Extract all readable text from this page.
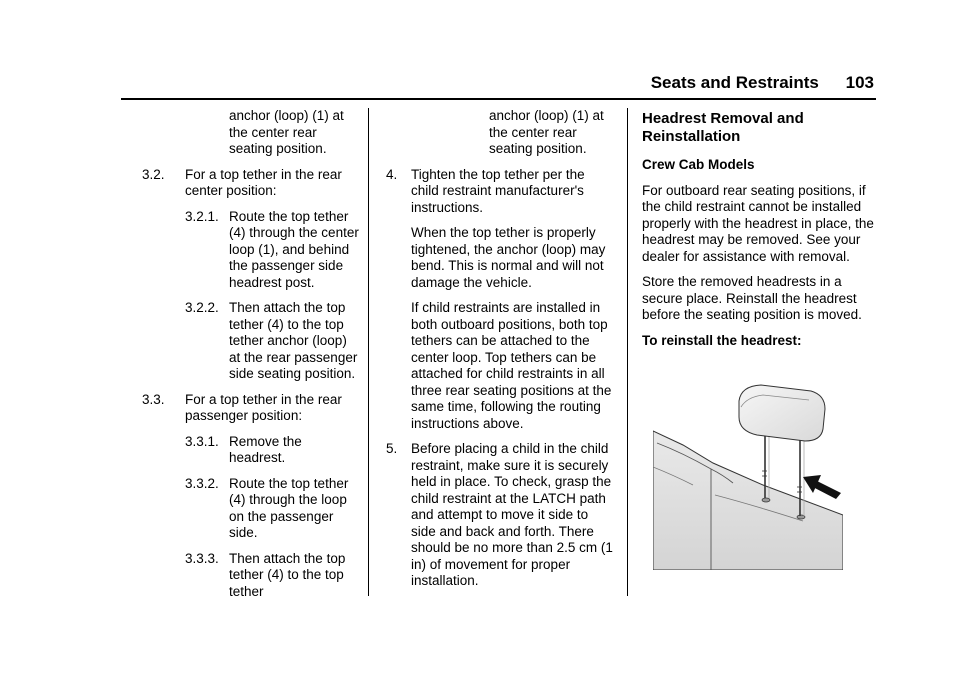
Seats and Restraints 103
anchor (loop) (1) at the center rear seating position.
3.2.	For a top tether in the rear center position:
3.2.1. Route the top tether (4) through the center loop (1), and behind the passenger side headrest post.
3.2.2. Then attach the top tether (4) to the top tether anchor (loop) at the rear passenger side seating position.
3.3.	For a top tether in the rear passenger position:
3.3.1. Remove the headrest.
3.3.2. Route the top tether (4) through the loop on the passenger side.
3.3.3. Then attach the top tether (4) to the top tether
anchor (loop) (1) at the center rear seating position.
4.	Tighten the top tether per the child restraint manufacturer's instructions.
When the top tether is properly tightened, the anchor (loop) may bend. This is normal and will not damage the vehicle.
If child restraints are installed in both outboard positions, both top tethers can be attached to the center loop. Top tethers can be attached for child restraints in all three rear seating positions at the same time, following the routing instructions above.
5.	Before placing a child in the child restraint, make sure it is securely held in place. To check, grasp the child restraint at the LATCH path and attempt to move it side to side and back and forth. There should be no more than 2.5 cm (1 in) of movement for proper installation.
Headrest Removal and Reinstallation
Crew Cab Models
For outboard rear seating positions, if the child restraint cannot be installed properly with the headrest in place, the headrest may be removed. See your dealer for assistance with removal.
Store the removed headrests in a secure place. Reinstall the headrest before the seating position is moved.
To reinstall the headrest:
